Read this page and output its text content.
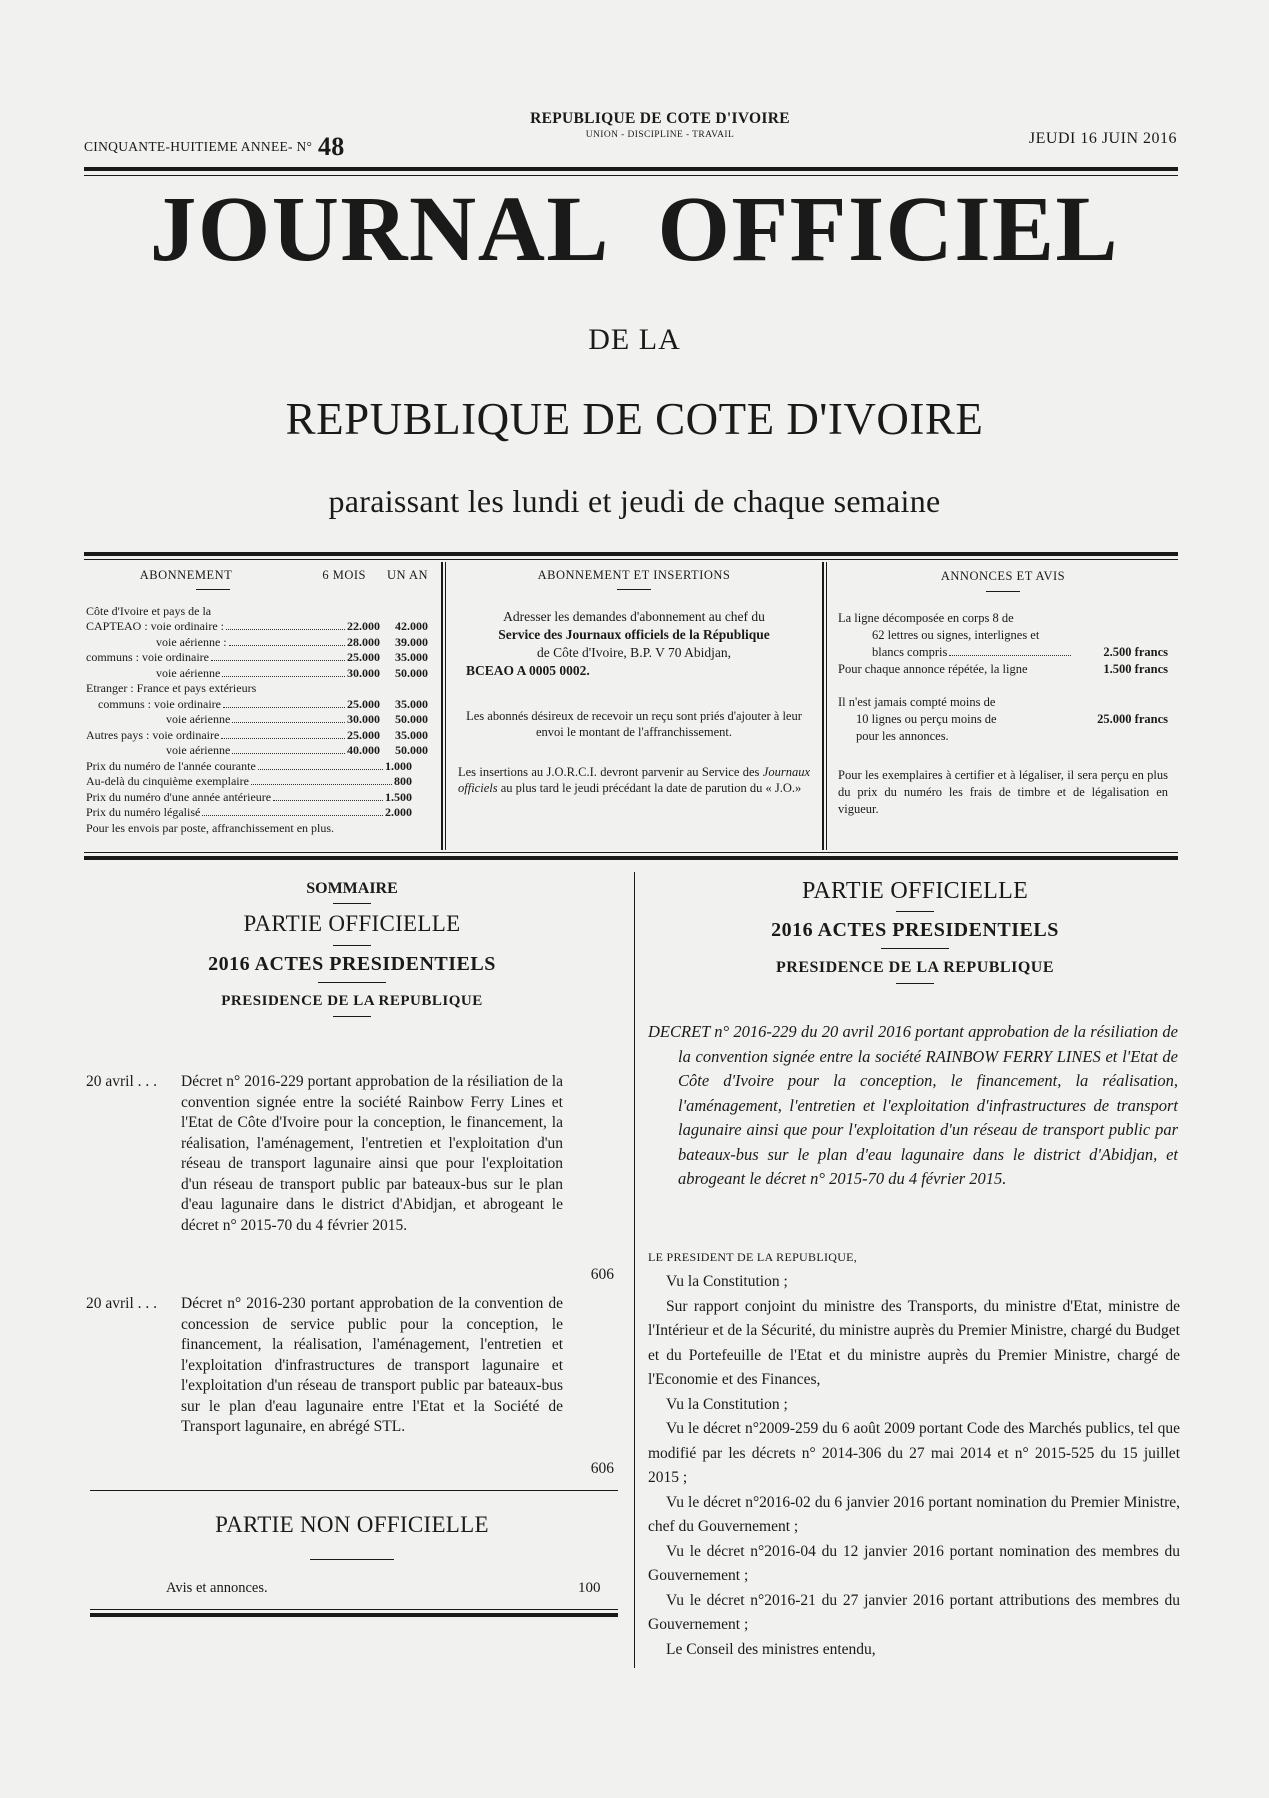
CINQUANTE-HUITIEME ANNEE- N° 48
REPUBLIQUE DE COTE D'IVOIRE
UNION - DISCIPLINE - TRAVAIL	JEUDI 16 JUIN 2016
JOURNAL OFFICIEL
DE LA
REPUBLIQUE DE COTE D'IVOIRE
paraissant les lundi et jeudi de chaque semaine
ABONNEMENT	6 MOIS	UN AN
Côte d'Ivoire et pays de la
CAPTEAO : voie ordinaire :	22.000	42.000
voie aérienne :	28.000	39.000
communs : voie ordinaire	25.000	35.000
voie aérienne	30.000	50.000
Etranger : France et pays extérieurs
communs : voie ordinaire	25.000	35.000
voie aérienne	30.000	50.000
Autres pays : voie ordinaire	25.000	35.000
voie aérienne	40.000	50.000
Prix du numéro de l'année courante	1.000
Au-delà du cinquième exemplaire	800
Prix du numéro d'une année antérieure	1.500
Prix du numéro légalisé	2.000
Pour les envois par poste, affranchissement en plus.
ABONNEMENT ET INSERTIONS
Adresser les demandes d'abonnement au chef du
Service des Journaux officiels de la République
de Côte d'Ivoire, B.P. V 70 Abidjan,
BCEAO A 0005 0002.
Les abonnés désireux de recevoir un reçu sont priés d'ajouter à leur envoi le montant de l'affranchissement.
Les insertions au J.O.R.C.I. devront parvenir au Service des Journaux officiels au plus tard le jeudi précédant la date de parution du « J.O.»
ANNONCES ET AVIS
La ligne décomposée en corps 8 de
62 lettres ou signes, interlignes et
blancs compris	2.500 francs
Pour chaque annonce répétée, la ligne	1.500 francs
Il n'est jamais compté moins de
10 lignes ou perçu moins de	25.000 francs
pour les annonces.
Pour les exemplaires à certifier et à légaliser, il sera perçu en plus du prix du numéro les frais de timbre et de légalisation en vigueur.
SOMMAIRE
PARTIE OFFICIELLE
2016 ACTES PRESIDENTIELS
PRESIDENCE DE LA REPUBLIQUE
20 avril . . . Décret n° 2016-229 portant approbation de la résiliation de la convention signée entre la société Rainbow Ferry Lines et l'Etat de Côte d'Ivoire pour la conception, le financement, la réalisation, l'aménagement, l'entretien et l'exploitation d'un réseau de transport lagunaire ainsi que pour l'exploitation d'un réseau de transport public par bateaux-bus sur le plan d'eau lagunaire dans le district d'Abidjan, et abrogeant le décret n° 2015-70 du 4 février 2015.
606
20 avril . . . Décret n° 2016-230 portant approbation de la convention de concession de service public pour la conception, le financement, la réalisation, l'aménagement, l'entretien et l'exploitation d'infrastructures de transport lagunaire et l'exploitation d'un réseau de transport public par bateaux-bus sur le plan d'eau lagunaire entre l'Etat et la Société de Transport lagunaire, en abrégé STL.
606
PARTIE NON OFFICIELLE
Avis et annonces.	100
PARTIE OFFICIELLE
2016 ACTES PRESIDENTIELS
PRESIDENCE DE LA REPUBLIQUE
DECRET n° 2016-229 du 20 avril 2016 portant approbation de la résiliation de la convention signée entre la société RAINBOW FERRY LINES et l'Etat de Côte d'Ivoire pour la conception, le financement, la réalisation, l'aménagement, l'entretien et l'exploitation d'infrastructures de transport lagunaire ainsi que pour l'exploitation d'un réseau de transport public par bateaux-bus sur le plan d'eau lagunaire dans le district d'Abidjan, et abrogeant le décret n° 2015-70 du 4 février 2015.
LE PRESIDENT DE LA REPUBLIQUE,

Vu la Constitution ;

Sur rapport conjoint du ministre des Transports, du ministre d'Etat, ministre de l'Intérieur et de la Sécurité, du ministre auprès du Premier Ministre, chargé du Budget et du Portefeuille de l'Etat et du ministre auprès du Premier Ministre, chargé de l'Economie et des Finances,

Vu la Constitution ;

Vu le décret n°2009-259 du 6 août 2009 portant Code des Marchés publics, tel que modifié par les décrets n° 2014-306 du 27 mai 2014 et n° 2015-525 du 15 juillet 2015 ;

Vu le décret n°2016-02 du 6 janvier 2016 portant nomination du Premier Ministre, chef du Gouvernement ;

Vu le décret n°2016-04 du 12 janvier 2016 portant nomination des membres du Gouvernement ;

Vu le décret n°2016-21 du 27 janvier 2016 portant attributions des membres du Gouvernement ;

Le Conseil des ministres entendu,
